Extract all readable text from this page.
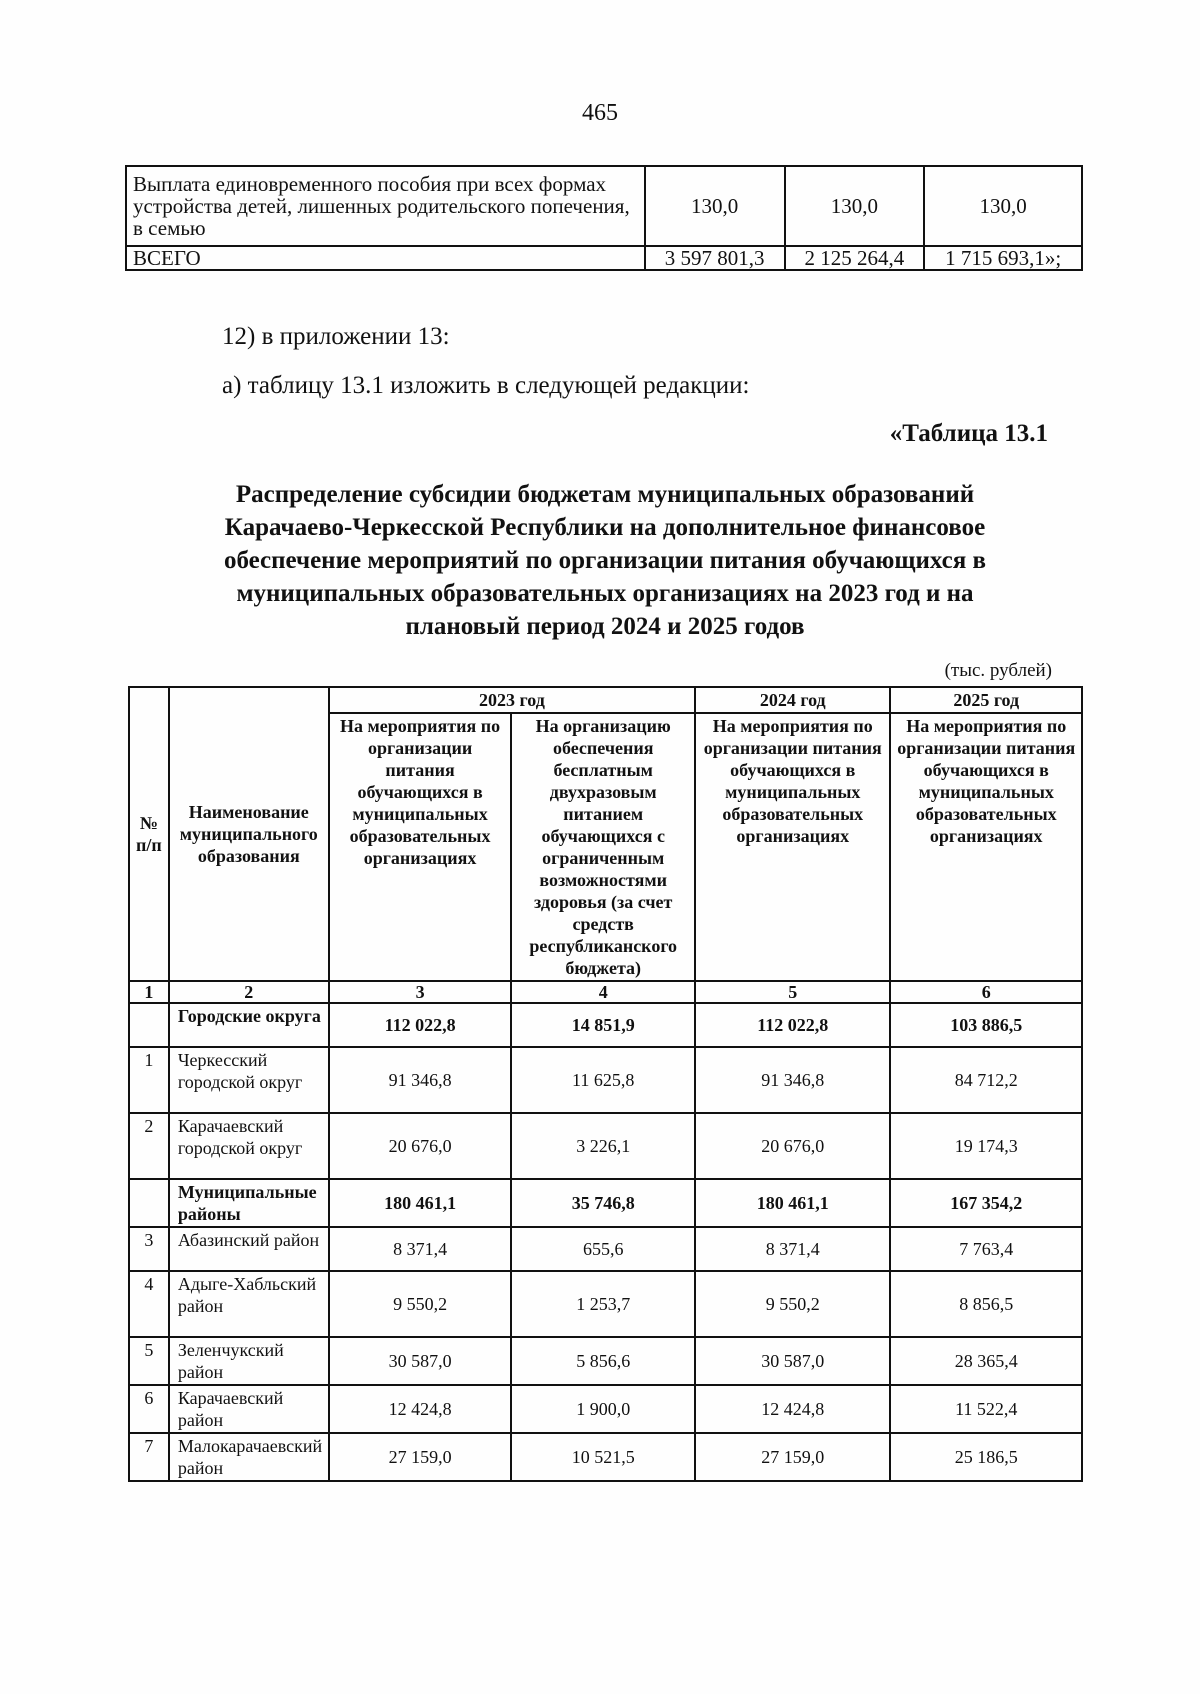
465
Выплата единовременного пособия при всех формах устройства детей, лишенных родительского попечения, в семью	130,0	130,0	130,0
ВСЕГО	3 597 801,3	2 125 264,4	1 715 693,1»;
12) в приложении 13:
а) таблицу 13.1 изложить в следующей редакции:
«Таблица 13.1
Распределение субсидии бюджетам муниципальных образований
Карачаево-Черкесской Республики на дополнительное финансовое
обеспечение мероприятий по организации питания обучающихся в
муниципальных образовательных организациях на 2023 год и на
плановый период 2024 и 2025 годов
(тыс. рублей)
№ п/п	Наименование муниципального образования	2023 год		2024 год	2025 год
		На мероприятия по организации питания обучающихся в муниципальных образовательных организациях	На организацию обеспечения бесплатным двухразовым питанием обучающихся с ограниченным возможностями здоровья (за счет средств республиканского бюджета)	На мероприятия по организации питания обучающихся в муниципальных образовательных организациях	На мероприятия по организации питания обучающихся в муниципальных образовательных организациях
1	2	3	4	5	6
	Городские округа	112 022,8	14 851,9	112 022,8	103 886,5
1	Черкесский городской округ	91 346,8	11 625,8	91 346,8	84 712,2
2	Карачаевский городской округ	20 676,0	3 226,1	20 676,0	19 174,3
	Муниципальные районы	180 461,1	35 746,8	180 461,1	167 354,2
3	Абазинский район	8 371,4	655,6	8 371,4	7 763,4
4	Адыге-Хабльский район	9 550,2	1 253,7	9 550,2	8 856,5
5	Зеленчукский район	30 587,0	5 856,6	30 587,0	28 365,4
6	Карачаевский район	12 424,8	1 900,0	12 424,8	11 522,4
7	Малокарачаевский район	27 159,0	10 521,5	27 159,0	25 186,5
